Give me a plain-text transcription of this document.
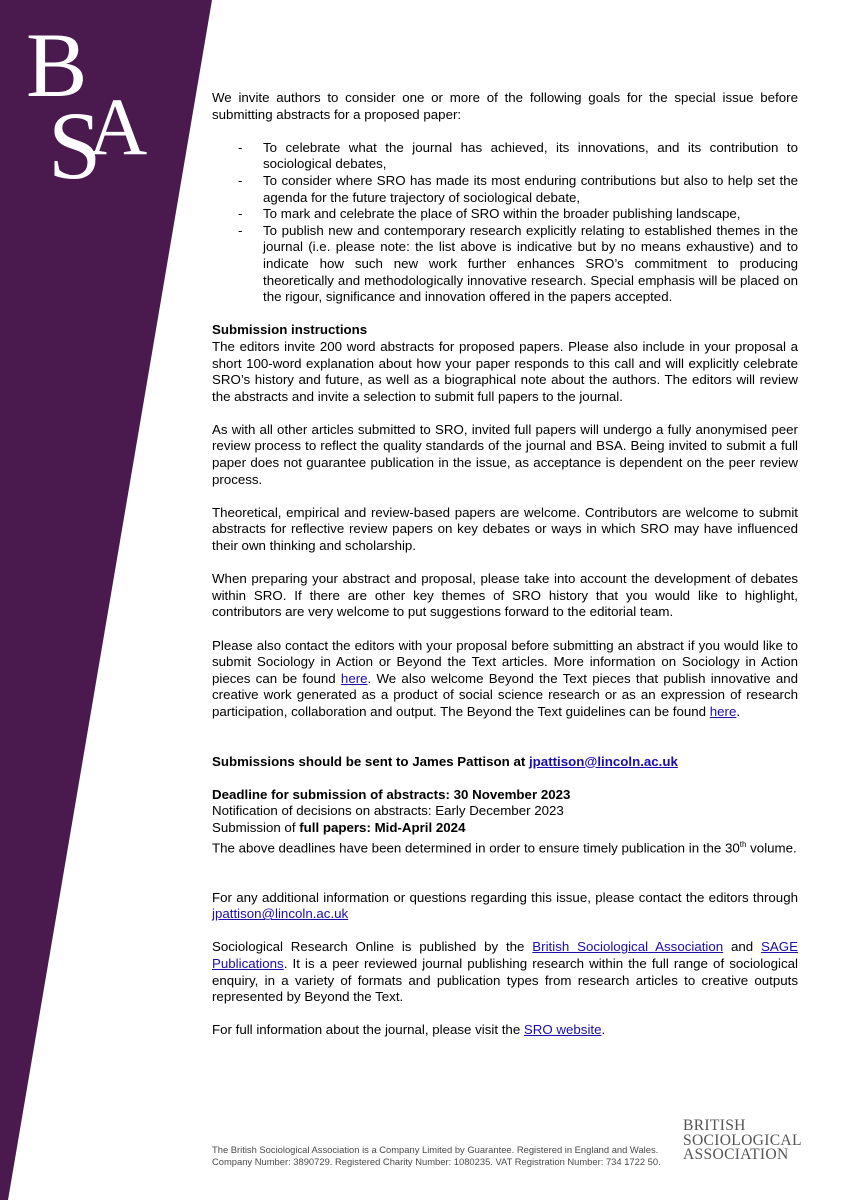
B
S
A	We invite authors to consider one or more of the following goals for the special issue before submitting abstracts for a proposed paper:

- To celebrate what the journal has achieved, its innovations, and its contribution to sociological debates,
- To consider where SRO has made its most enduring contributions but also to help set the agenda for the future trajectory of sociological debate,
- To mark and celebrate the place of SRO within the broader publishing landscape,
- To publish new and contemporary research explicitly relating to established themes in the journal (i.e. please note: the list above is indicative but by no means exhaustive) and to indicate how such new work further enhances SRO’s commitment to producing theoretically and methodologically innovative research. Special emphasis will be placed on the rigour, significance and innovation offered in the papers accepted.

Submission instructions

The editors invite 200 word abstracts for proposed papers. Please also include in your proposal a short 100-word explanation about how your paper responds to this call and will explicitly celebrate SRO’s history and future, as well as a biographical note about the authors. The editors will review the abstracts and invite a selection to submit full papers to the journal.

As with all other articles submitted to SRO, invited full papers will undergo a fully anonymised peer review process to reflect the quality standards of the journal and BSA. Being invited to submit a full paper does not guarantee publication in the issue, as acceptance is dependent on the peer review process.

Theoretical, empirical and review-based papers are welcome. Contributors are welcome to submit abstracts for reflective review papers on key debates or ways in which SRO may have influenced their own thinking and scholarship.

When preparing your abstract and proposal, please take into account the development of debates within SRO. If there are other key themes of SRO history that you would like to highlight, contributors are very welcome to put suggestions forward to the editorial team.

Please also contact the editors with your proposal before submitting an abstract if you would like to submit Sociology in Action or Beyond the Text articles. More information on Sociology in Action pieces can be found here. We also welcome Beyond the Text pieces that publish innovative and creative work generated as a product of social science research or as an expression of research participation, collaboration and output. The Beyond the Text guidelines can be found here.

Submissions should be sent to James Pattison at jpattison@lincoln.ac.uk

Deadline for submission of abstracts: 30 November 2023

Notification of decisions on abstracts: Early December 2023

Submission of full papers: Mid-April 2024

The above deadlines have been determined in order to ensure timely publication in the 30th volume.

For any additional information or questions regarding this issue, please contact the editors through jpattison@lincoln.ac.uk

Sociological Research Online is published by the British Sociological Association and SAGE Publications. It is a peer reviewed journal publishing research within the full range of sociological enquiry, in a variety of formats and publication types from research articles to creative outputs represented by Beyond the Text.

For full information about the journal, please visit the SRO website.

The British Sociological Association is a Company Limited by Guarantee. Registered in England and Wales.
Company Number: 3890729. Registered Charity Number: 1080235. VAT Registration Number: 734 1722 50.
BRITISH
SOCIOLOGICAL
ASSOCIATION
